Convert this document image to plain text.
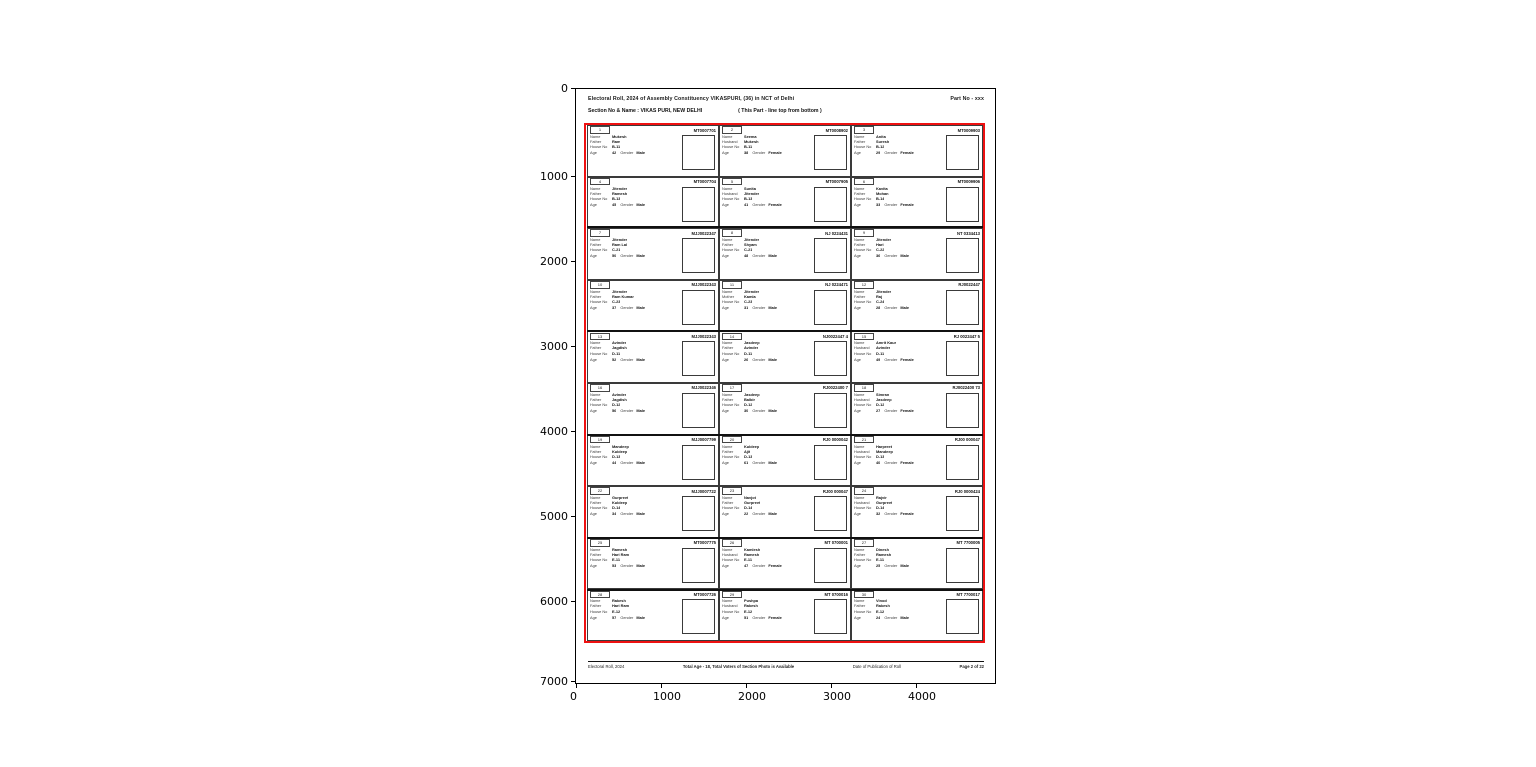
0
1000
2000
3000
4000
5000
6000
7000
0	1000	2000	3000	4000
Electoral Roll, 2024 of Assembly Constituency VIKASPURI, (36) in NCT of Delhi	Part No - xxx
Section No & Name : VIKAS PURI, NEW DELHI	( This Part - line top from bottom )
1	MT0007701
Name	Mukesh
Father	Ram
House No	B-11
Age	42 Gender Male
2	MT0008902
Name	Seema
Husband	Mukesh
House No	B-11
Age	38 Gender Female
3	MT0009903
Name	Anita
Father	Suresh
House No	B-12
Age	29 Gender Female
4	MT0007704
Name	Jitender
Father	Ramesh
House No	B-13
Age	45 Gender Male
5	MT0007905
Name	Sunita
Husband	Jitender
House No	B-13
Age	41 Gender Female
6	MT0009906
Name	Kavita
Father	Mohan
House No	B-14
Age	33 Gender Female
7	MJJ0022347
Name	Jitender
Father	Ram Lal
House No	C-21
Age	50 Gender Male
8	NJ 0224431
Name	Jitender
Father	Shyam
House No	C-21
Age	48 Gender Male
9	NT 0334413
Name	Jitender
Father	Hari
House No	C-22
Age	36 Gender Male
10	MJJ0022343
Name	Jitender
Father	Ram Kumar
House No	C-23
Age	37 Gender Male
11	NJ 0224471
Name	Jitender
Mother	Kamla
House No	C-23
Age	31 Gender Male
12	RJ0022447
Name	Jitender
Father	Raj
House No	C-24
Age	28 Gender Male
13	MJJ0022343
Name	Avinder
Father	Jagdish
House No	D-11
Age	52 Gender Male
14	NJ0022447 4
Name	Jasdeep
Father	Avinder
House No	D-11
Age	26 Gender Male
15	RJ 0022447 5
Name	Amrit Kaur
Husband	Avinder
House No	D-11
Age	49 Gender Female
16	MJJ0022346
Name	Avinder
Father	Jagdish
House No	D-12
Age	56 Gender Male
17	RJ0022400 7
Name	Jasdeep
Father	Balbir
House No	D-12
Age	30 Gender Male
18	RJ0022400 73
Name	Simran
Husband	Jasdeep
House No	D-12
Age	27 Gender Female
19	MJJ0007799
Name	Mandeep
Father	Kuldeep
House No	D-13
Age	44 Gender Male
20	RJ0 0000042
Name	Kuldeep
Father	Ajit
House No	D-13
Age	61 Gender Male
21	RJ00 000047
Name	Harpreet
Husband	Mandeep
House No	D-13
Age	40 Gender Female
22	MJJ0007722
Name	Gurpreet
Father	Kuldeep
House No	D-14
Age	34 Gender Male
23	RJ00 000047
Name	Navjot
Father	Gurpreet
House No	D-14
Age	22 Gender Male
24	RJ0 0000424
Name	Rajvir
Husband	Gurpreet
House No	D-14
Age	32 Gender Female
25	MT0007775
Name	Ramesh
Father	Hari Ram
House No	E-11
Age	53 Gender Male
26	MT 0700001
Name	Kamlesh
Husband	Ramesh
House No	E-11
Age	47 Gender Female
27	MT 7700005
Name	Dinesh
Father	Ramesh
House No	E-11
Age	25 Gender Male
28	MT0007726
Name	Rakesh
Father	Hari Ram
House No	E-12
Age	57 Gender Male
29	MT 0700016
Name	Pushpa
Husband	Rakesh
House No	E-12
Age	51 Gender Female
30	MT 7700017
Name	Vinod
Father	Rakesh
House No	E-12
Age	24 Gender Male
Electoral Roll, 2024	Total Age - 18, Total Voters of Section Photo is Available	Date of Publication of Roll	Page 2 of 22
